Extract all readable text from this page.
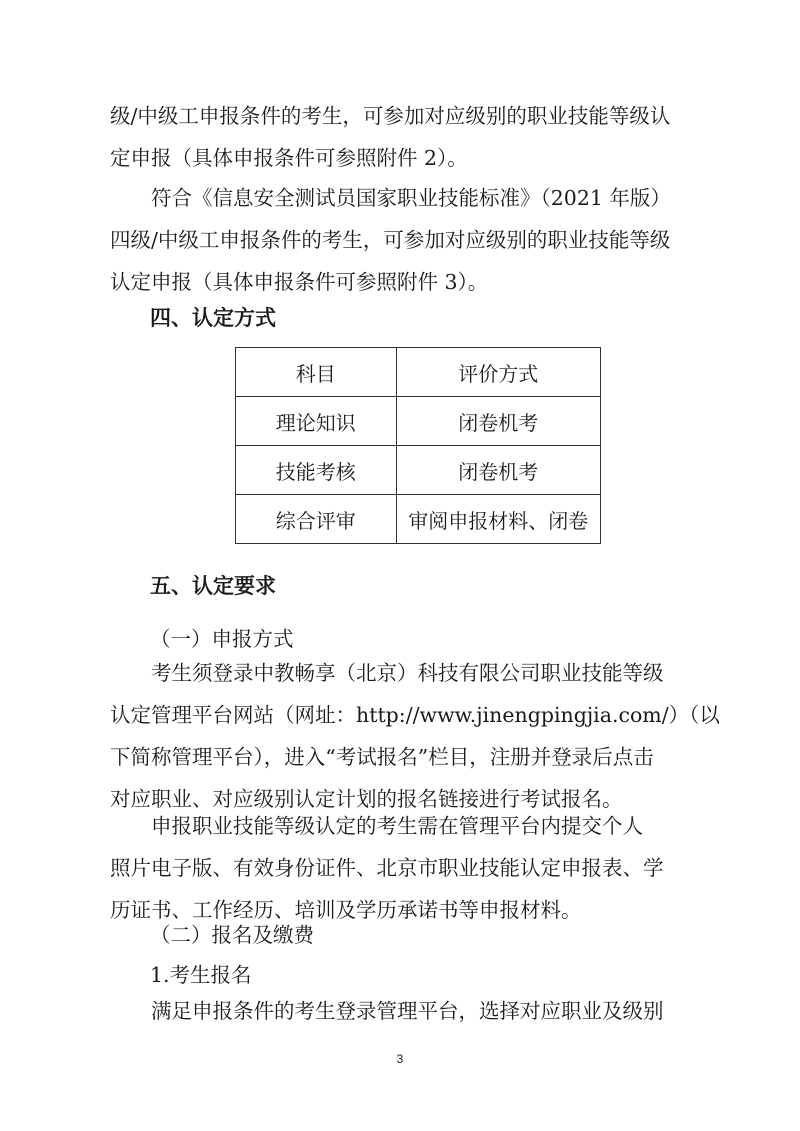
级/中级工申报条件的考生，可参加对应级别的职业技能等级认
定申报（具体申报条件可参照附件 2）。
　　符合《信息安全测试员国家职业技能标准》（2021 年版）
四级/中级工申报条件的考生，可参加对应级别的职业技能等级
认定申报（具体申报条件可参照附件 3）。

四、认定方式

科目	评价方式
理论知识	闭卷机考
技能考核	闭卷机考
综合评审	审阅申报材料、闭卷

五、认定要求

（一）申报方式

　　考生须登录中教畅享（北京）科技有限公司职业技能等级
认定管理平台网站（网址：http://www.jinengpingjia.com/）（以
下简称管理平台），进入“考试报名”栏目，注册并登录后点击
对应职业、对应级别认定计划的报名链接进行考试报名。
　　申报职业技能等级认定的考生需在管理平台内提交个人
照片电子版、有效身份证件、北京市职业技能认定申报表、学
历证书、工作经历、培训及学历承诺书等申报材料。

（二）报名及缴费

1.考生报名

　　满足申报条件的考生登录管理平台，选择对应职业及级别
3
